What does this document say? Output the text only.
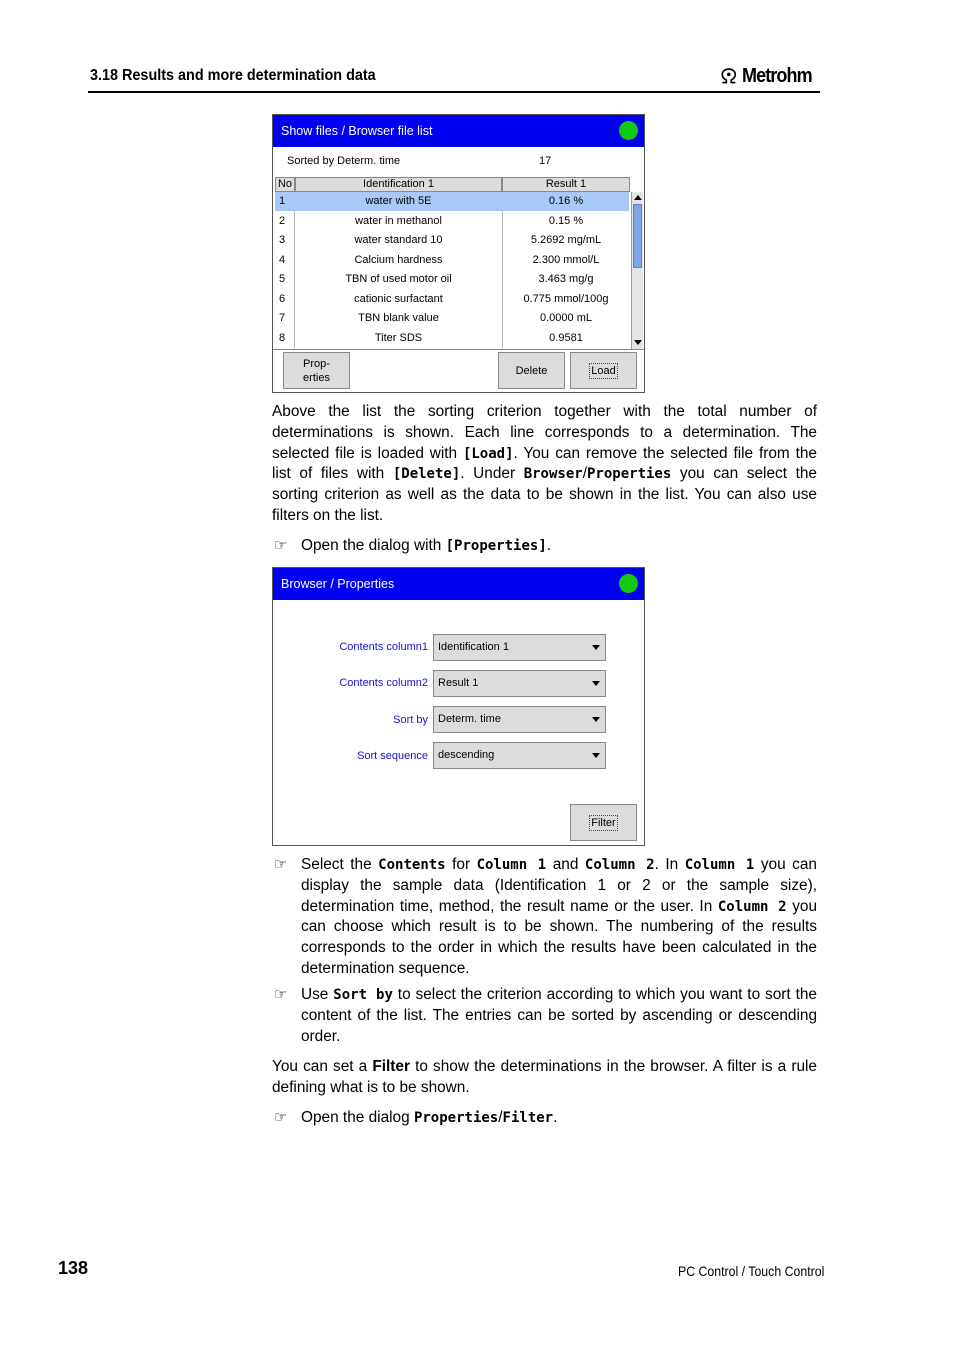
3.18 Results and more determination data	Metrohm
Show files / Browser file list
Sorted by Determ. time	17
No	Identification 1	Result 1
1	water with 5E	0.16 %
2	water in methanol	0.15 %
3	water standard 10	5.2692 mg/mL
4	Calcium hardness	2.300 mmol/L
5	TBN of used motor oil	3.463 mg/g
6	cationic surfactant	0.775 mmol/100g
7	TBN blank value	0.0000 mL
8	Titer SDS	0.9581
Prop-
erties
Delete	Load
Above the list the sorting criterion together with the total number of determinations is shown. Each line corresponds to a determination. The selected file is loaded with [Load]. You can remove the selected file from the list of files with [Delete]. Under Browser/Properties you can select the sorting criterion as well as the data to be shown in the list. You can also use filters on the list.
☞ Open the dialog with [Properties].
Browser / Properties
Contents column1 Identification 1
Contents column2 Result 1
Sort by Determ. time
Sort sequence descending
Filter
☞ Select the Contents for Column 1 and Column 2. In Column 1 you can display the sample data (Identification 1 or 2 or the sample size), determination time, method, the result name or the user. In Column 2 you can choose which result is to be shown. The numbering of the results corresponds to the order in which the results have been calculated in the determination sequence.
☞ Use Sort by to select the criterion according to which you want to sort the content of the list. The entries can be sorted by ascending or descending order.
You can set a Filter to show the determinations in the browser. A filter is a rule defining what is to be shown.
☞ Open the dialog Properties/Filter.
138	PC Control / Touch Control
